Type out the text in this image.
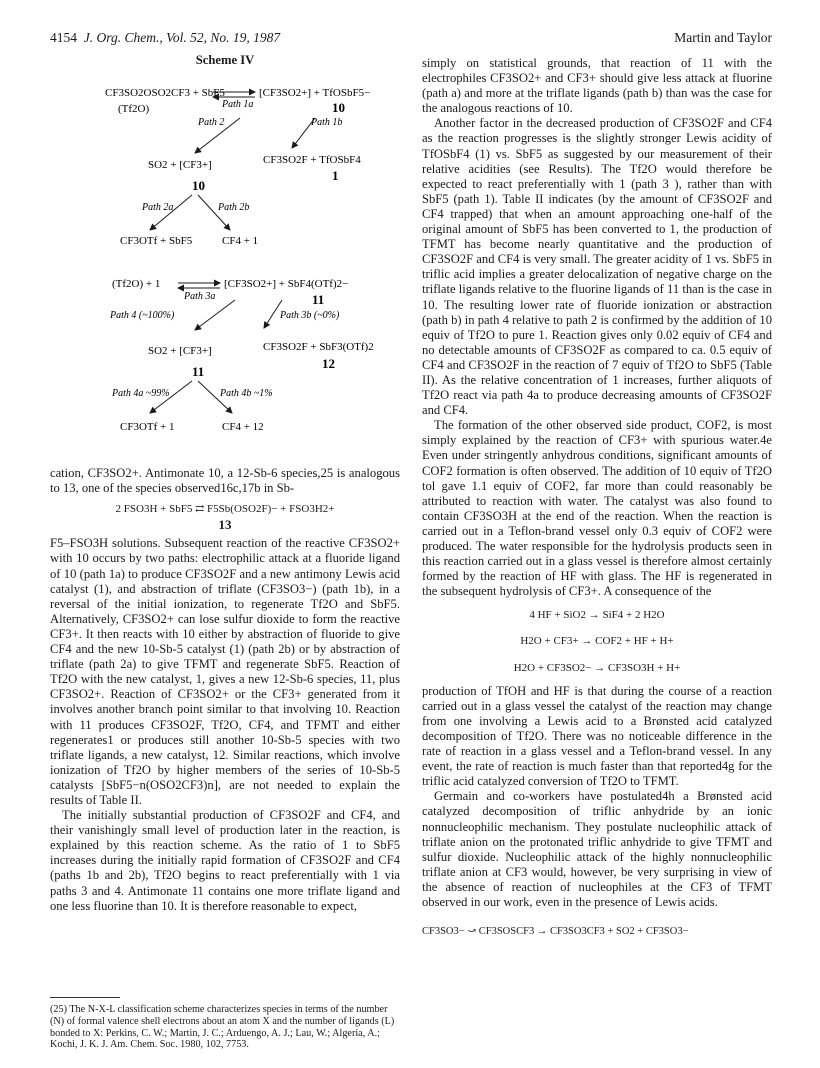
4154 J. Org. Chem., Vol. 52, No. 19, 1987	Martin and Taylor
Scheme IV
CF3SO2OSO2CF3 + SbF5
(Tf2O)	Path 1a
[CF3SO2+] + TfOSbF5−
10
Path 2	Path 1b
SO2 + [CF3+]
10
CF3SO2F + TfOSbF4
1
Path 2a	Path 2b
CF3OTf + SbF5	CF4 + 1
(Tf2O) + 1
Path 3a
[CF3SO2+] + SbF4(OTf)2−
11
Path 4 (~100%)	Path 3b (~0%)
SO2 + [CF3+]
11
CF3SO2F + SbF3(OTf)2
12
Path 4a ~99%	Path 4b ~1%
CF3OTf + 1	CF4 + 12

cation, CF3SO2+. Antimonate 10, a 12-Sb-6 species,25 is analogous to 13, one of the species observed16c,17b in Sb-

2 FSO3H + SbF5 ⇄ F5Sb(OSO2F)− + FSO3H2+
13

F5–FSO3H solutions. Subsequent reaction of the reactive CF3SO2+ with 10 occurs by two paths: electrophilic attack at a fluoride ligand of 10 (path 1a) to produce CF3SO2F and a new antimony Lewis acid catalyst (1), and abstraction of triflate (CF3SO3−) (path 1b), in a reversal of the initial ionization, to regenerate Tf2O and SbF5. Alternatively, CF3SO2+ can lose sulfur dioxide to form the reactive CF3+. It then reacts with 10 either by abstraction of fluoride to give CF4 and the new 10-Sb-5 catalyst (1) (path 2b) or by abstraction of triflate (path 2a) to give TFMT and regenerate SbF5. Reaction of Tf2O with the new catalyst, 1, gives a new 12-Sb-6 species, 11, plus CF3SO2+. Reaction of CF3SO2+ or the CF3+ generated from it involves another branch point similar to that involving 10. Reaction with 11 produces CF3SO2F, Tf2O, CF4, and TFMT and either regenerates1 or produces still another 10-Sb-5 species with two triflate ligands, a new catalyst, 12. Similar reactions, which involve ionization of Tf2O by higher members of the series of 10-Sb-5 catalysts [SbF5−n(OSO2CF3)n], are not needed to explain the results of Table II.

The initially substantial production of CF3SO2F and CF4, and their vanishingly small level of production later in the reaction, is explained by this reaction scheme. As the ratio of 1 to SbF5 increases during the initially rapid formation of CF3SO2F and CF4 (paths 1b and 2b), Tf2O begins to react preferentially with 1 via paths 3 and 4. Antimonate 11 contains one more triflate ligand and one less fluorine than 10. It is therefore reasonable to expect,

(25) The N-X-L classification scheme characterizes species in terms of the number (N) of formal valence shell electrons about an atom X and the number of ligands (L) bonded to X: Perkins, C. W.; Martin, J. C.; Arduengo, A. J.; Lau, W.; Algeria, A.; Kochi, J. K. J. Am. Chem. Soc. 1980, 102, 7753.

simply on statistical grounds, that reaction of 11 with the electrophiles CF3SO2+ and CF3+ should give less attack at fluorine (path a) and more at the triflate ligands (path b) than was the case for the analogous reactions of 10.

Another factor in the decreased production of CF3SO2F and CF4 as the reaction progresses is the slightly stronger Lewis acidity of TfOSbF4 (1) vs. SbF5 as suggested by our measurement of their relative acidities (see Results). The Tf2O would therefore be expected to react preferentially with 1 (path 3 ), rather than with SbF5 (path 1). Table II indicates (by the amount of CF3SO2F and CF4 trapped) that when an amount approaching one-half of the original amount of SbF5 has been converted to 1, the production of TFMT has become nearly quantitative and the production of CF3SO2F and CF4 is very small. The greater acidity of 1 vs. SbF5 in triflic acid implies a greater delocalization of negative charge on the triflate ligands relative to the fluorine ligands of 11 than is the case in 10. The resulting lower rate of fluoride ionization or abstraction (path b) in path 4 relative to path 2 is confirmed by the addition of 10 equiv of Tf2O to pure 1. Reaction gives only 0.02 equiv of CF4 and no detectable amounts of CF3SO2F as compared to ca. 0.5 equiv of CF4 and CF3SO2F in the reaction of 7 equiv of Tf2O to SbF5 (Table II). As the relative concentration of 1 increases, further aliquots of Tf2O react via path 4a to produce decreasing amounts of CF3SO2F and CF4.

The formation of the other observed side product, COF2, is most simply explained by the reaction of CF3+ with spurious water.4e Even under stringently anhydrous conditions, significant amounts of COF2 formation is often observed. The addition of 10 equiv of Tf2O tol gave 1.1 equiv of COF2, far more than could reasonably be attributed to reaction with water. The catalyst was also found to contain CF3SO3H at the end of the reaction. When the reaction is carried out in a Teflon-brand vessel only 0.3 equiv of COF2 were produced. The water responsible for the hydrolysis products seen in this reaction carried out in a glass vessel is therefore almost certainly formed by the reaction of HF with glass. The HF is regenerated in the subsequent hydrolysis of CF3+. A consequence of the

4 HF + SiO2 → SiF4 + 2 H2O
H2O + CF3+ → COF2 + HF + H+
H2O + CF3SO2− → CF3SO3H + H+

production of TfOH and HF is that during the course of a reaction carried out in a glass vessel the catalyst of the reaction may change from one involving a Lewis acid to a Brønsted acid catalyzed decomposition of Tf2O. There was no noticeable difference in the rate of reaction in a glass vessel and a Teflon-brand vessel. In any event, the rate of reaction is much faster than that reported4g for the triflic acid catalyzed conversion of Tf2O to TFMT.

Germain and co-workers have postulated4h a Brønsted acid catalyzed decomposition of triflic anhydride by an ionic nonnucleophilic mechanism. They postulate nucleophilic attack of triflate anion on the protonated triflic anhydride to give TFMT and sulfur dioxide. Nucleophilic attack of the highly nonnucleophilic triflate anion at CF3 would, however, be very surprising in view of the absence of reaction of nucleophiles at the CF3 of TFMT observed in our work, even in the presence of Lewis acids.

CF3SO3− ⤻ CF3SOSCF3 → CF3SO3CF3 + SO2 + CF3SO3−
